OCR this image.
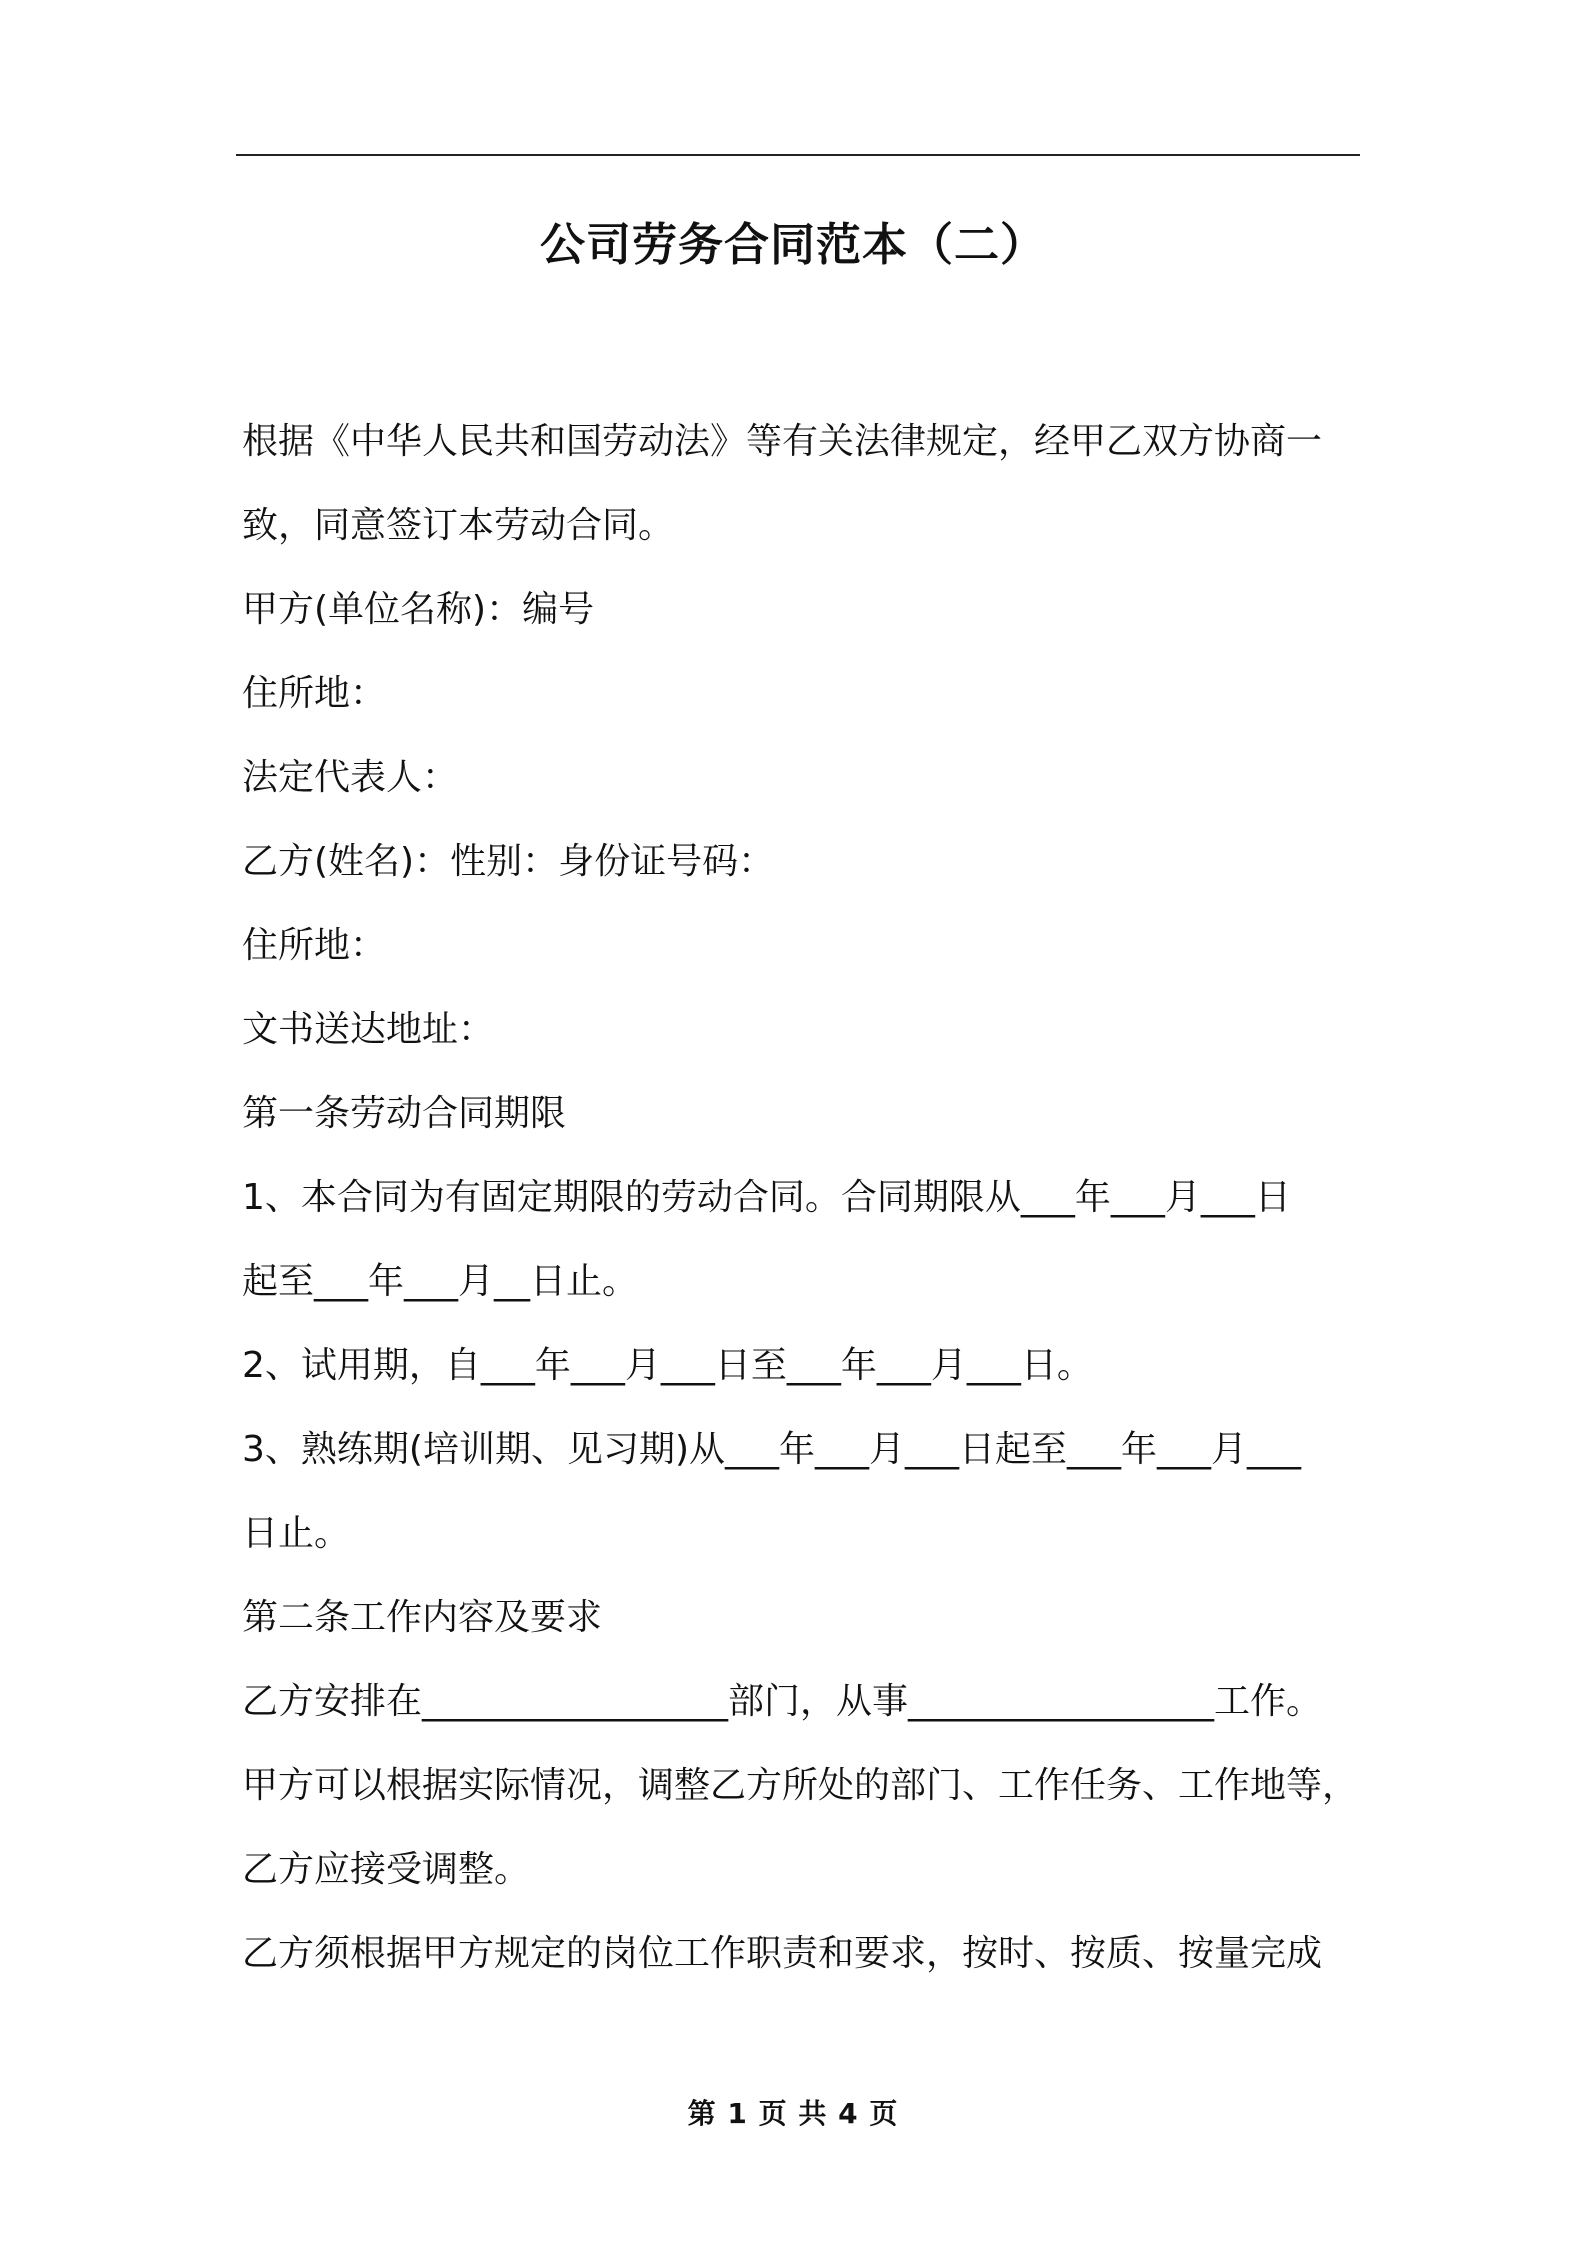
公司劳务合同范本（二）

根据《中华人民共和国劳动法》等有关法律规定，经甲乙双方协商一

致，同意签订本劳动合同。

甲方(单位名称)：编号

住所地：

法定代表人：

乙方(姓名)：性别：身份证号码：

住所地：

文书送达地址：

第一条劳动合同期限

1、本合同为有固定期限的劳动合同。合同期限从___年___月___日

起至___年___月__日止。

2、试用期，自___年___月___日至___年___月___日。

3、熟练期(培训期、见习期)从___年___月___日起至___年___月___

日止。

第二条工作内容及要求

乙方安排在_________________部门，从事_________________工作。

甲方可以根据实际情况，调整乙方所处的部门、工作任务、工作地等，

乙方应接受调整。

乙方须根据甲方规定的岗位工作职责和要求，按时、按质、按量完成

第 1 页 共 4 页
